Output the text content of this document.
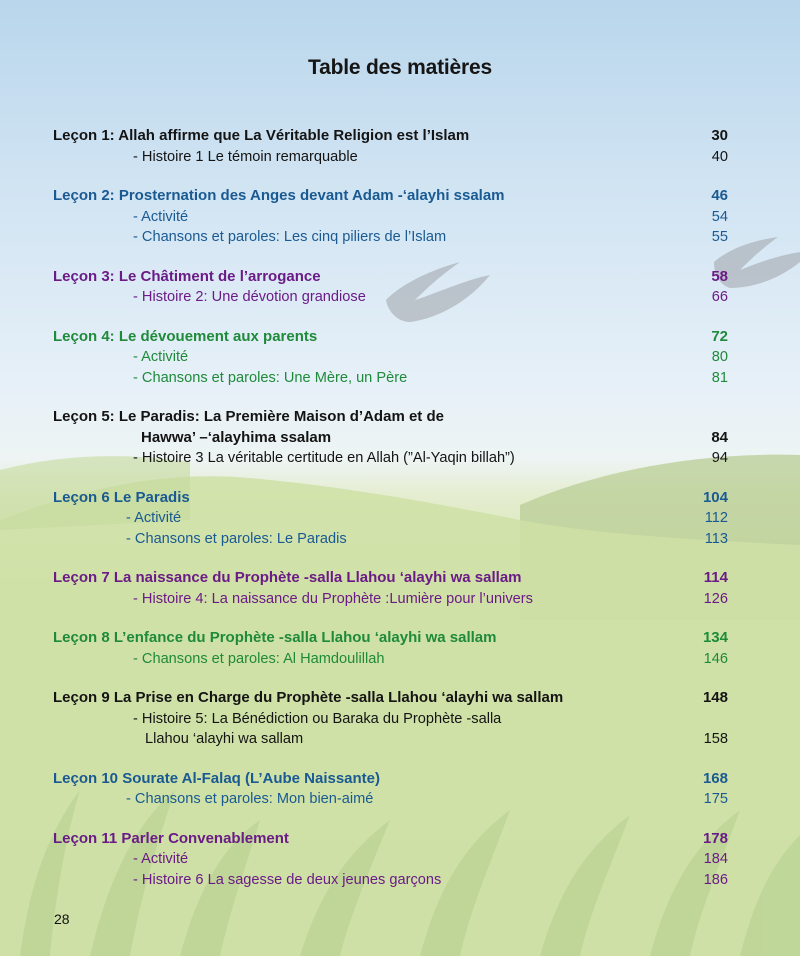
Table des matières
Leçon 1: Allah affirme que La Véritable Religion est l’Islam	30
- Histoire 1 Le témoin remarquable	40
Leçon 2: Prosternation des Anges devant Adam -‘alayhi ssalam	46
- Activité	54
- Chansons et paroles: Les cinq piliers de l’Islam	55
Leçon 3: Le Châtiment de l’arrogance	58
- Histoire 2: Une dévotion grandiose	66
Leçon 4: Le dévouement aux parents	72
- Activité	80
- Chansons et paroles: Une Mère, un Père	81
Leçon 5: Le Paradis: La Première Maison d’Adam et de
Hawwa’ –‘alayhima ssalam	84
- Histoire 3 La véritable certitude en Allah (”Al-Yaqin billah”)	94
Leçon 6 Le Paradis	104
- Activité	112
- Chansons et paroles: Le Paradis	113
Leçon 7 La naissance du Prophète -salla Llahou ‘alayhi wa sallam	114
- Histoire 4: La naissance du Prophète :Lumière pour l’univers	126
Leçon 8 L’enfance du Prophète -salla Llahou ‘alayhi wa sallam	134
- Chansons et paroles: Al Hamdoulillah	146
Leçon 9 La Prise en Charge du Prophète -salla Llahou ‘alayhi wa sallam	148
- Histoire 5: La Bénédiction ou Baraka du Prophète -salla
Llahou ‘alayhi wa sallam	158
Leçon 10 Sourate Al-Falaq (L’Aube Naissante)	168
- Chansons et paroles: Mon bien-aimé	175
Leçon 11 Parler Convenablement	178
- Activité	184
- Histoire 6 La sagesse de deux jeunes garçons	186
28
